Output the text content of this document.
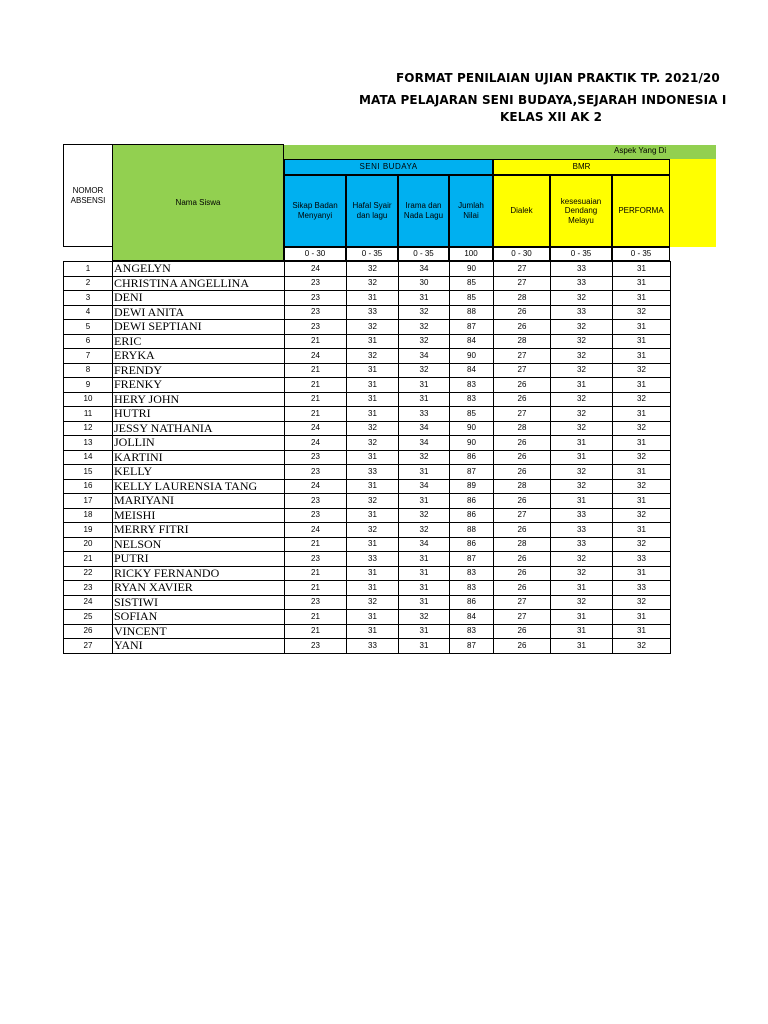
FORMAT PENILAIAN UJIAN PRAKTIK TP. 2021/20
MATA PELAJARAN SENI BUDAYA,SEJARAH INDONESIA I
KELAS XII AK 2
Aspek Yang Di
NOMOR ABSENSI	Nama Siswa
SENI BUDAYA	BMR
Sikap Badan Menyanyi
Hafal Syair dan lagu
Irama dan Nada Lagu
Jumlah Nilai
Dialek
kesesuaian Dendang Melayu
PERFORMA
0 - 30	0 - 35	0 - 35	100	0 - 30	0 - 35	0 - 35
1	ANGELYN	24	32	34	90	27	33	31
2	CHRISTINA ANGELLINA	23	32	30	85	27	33	31
3	DENI	23	31	31	85	28	32	31
4	DEWI ANITA	23	33	32	88	26	33	32
5	DEWI SEPTIANI	23	32	32	87	26	32	31
6	ERIC	21	31	32	84	28	32	31
7	ERYKA	24	32	34	90	27	32	31
8	FRENDY	21	31	32	84	27	32	32
9	FRENKY	21	31	31	83	26	31	31
10	HERY JOHN	21	31	31	83	26	32	32
11	HUTRI	21	31	33	85	27	32	31
12	JESSY NATHANIA	24	32	34	90	28	32	32
13	JOLLIN	24	32	34	90	26	31	31
14	KARTINI	23	31	32	86	26	31	32
15	KELLY	23	33	31	87	26	32	31
16	KELLY LAURENSIA TANG	24	31	34	89	28	32	32
17	MARIYANI	23	32	31	86	26	31	31
18	MEISHI	23	31	32	86	27	33	32
19	MERRY FITRI	24	32	32	88	26	33	31
20	NELSON	21	31	34	86	28	33	32
21	PUTRI	23	33	31	87	26	32	33
22	RICKY FERNANDO	21	31	31	83	26	32	31
23	RYAN XAVIER	21	31	31	83	26	31	33
24	SISTIWI	23	32	31	86	27	32	32
25	SOFIAN	21	31	32	84	27	31	31
26	VINCENT	21	31	31	83	26	31	31
27	YANI	23	33	31	87	26	31	32
